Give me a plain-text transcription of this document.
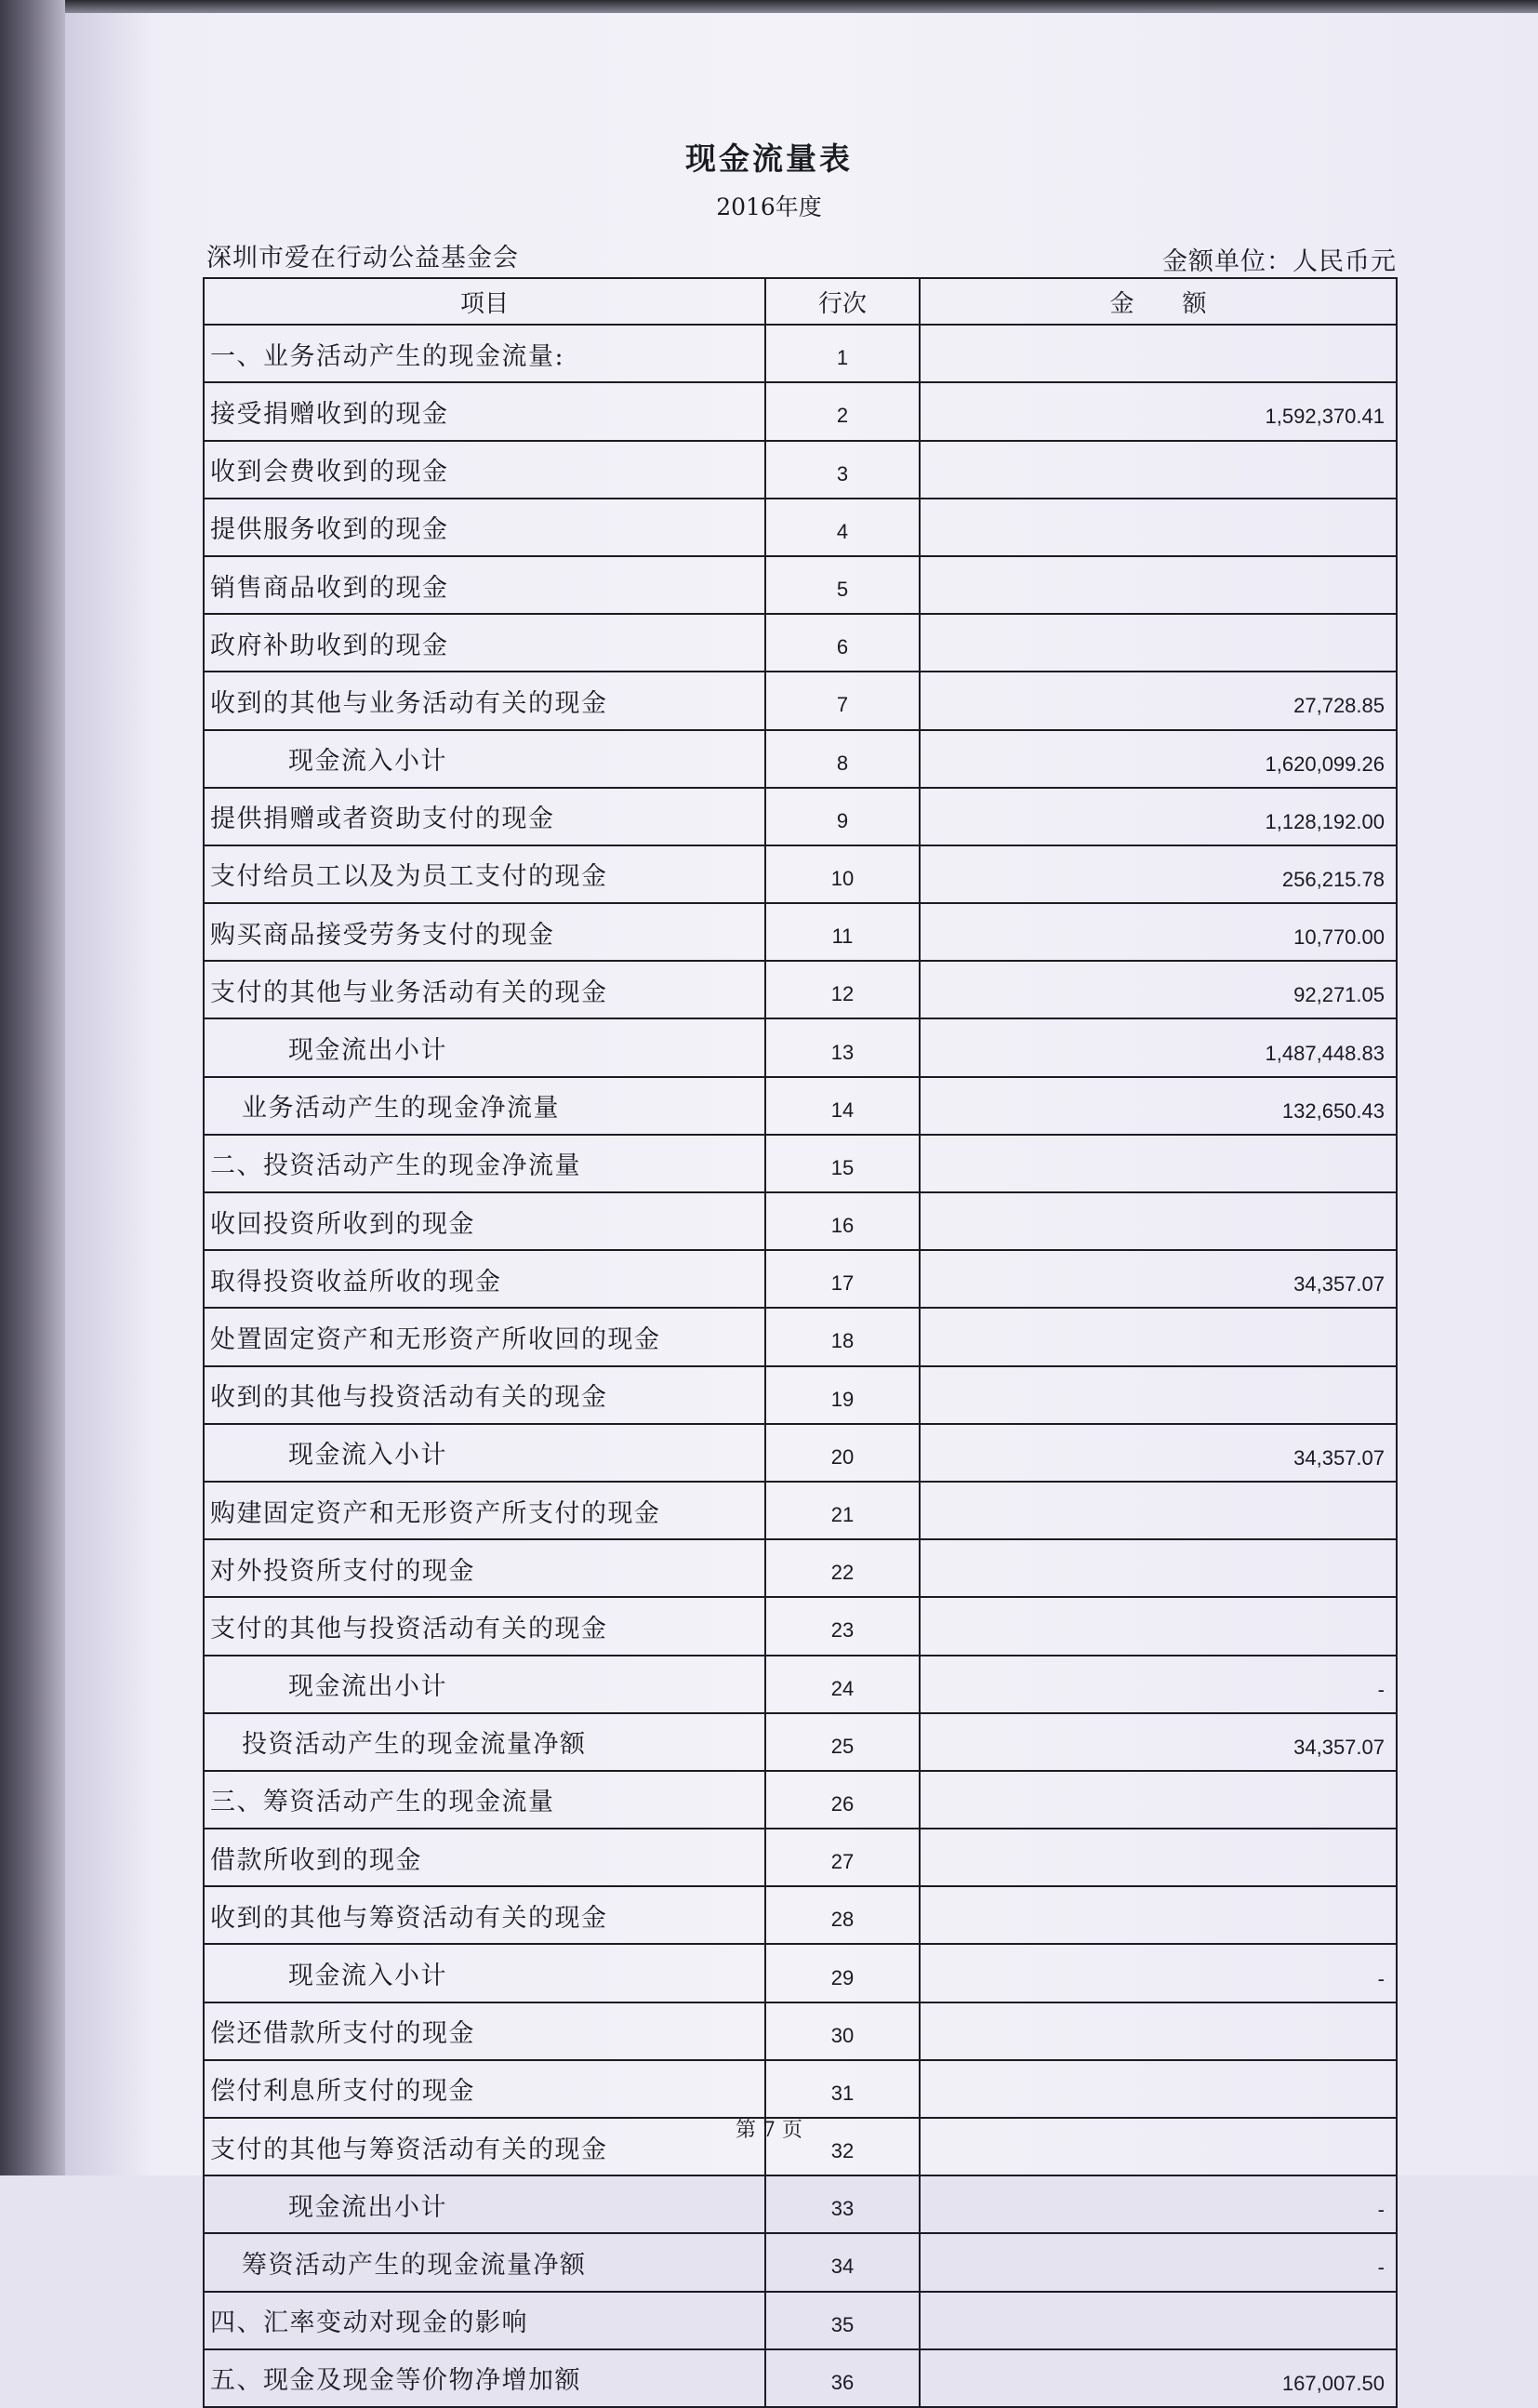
现金流量表
2016年度
深圳市爱在行动公益基金会	金额单位：人民币元
项目	行次	金　　额
一、业务活动产生的现金流量:	1	
接受捐赠收到的现金	2	1,592,370.41
收到会费收到的现金	3	
提供服务收到的现金	4	
销售商品收到的现金	5	
政府补助收到的现金	6	
收到的其他与业务活动有关的现金	7	27,728.85
现金流入小计	8	1,620,099.26
提供捐赠或者资助支付的现金	9	1,128,192.00
支付给员工以及为员工支付的现金	10	256,215.78
购买商品接受劳务支付的现金	11	10,770.00
支付的其他与业务活动有关的现金	12	92,271.05
现金流出小计	13	1,487,448.83
业务活动产生的现金净流量	14	132,650.43
二、投资活动产生的现金净流量	15	
收回投资所收到的现金	16	
取得投资收益所收的现金	17	34,357.07
处置固定资产和无形资产所收回的现金	18	
收到的其他与投资活动有关的现金	19	
现金流入小计	20	34,357.07
购建固定资产和无形资产所支付的现金	21	
对外投资所支付的现金	22	
支付的其他与投资活动有关的现金	23	
现金流出小计	24	-
投资活动产生的现金流量净额	25	34,357.07
三、筹资活动产生的现金流量	26	
借款所收到的现金	27	
收到的其他与筹资活动有关的现金	28	
现金流入小计	29	-
偿还借款所支付的现金	30	
偿付利息所支付的现金	31	
支付的其他与筹资活动有关的现金	32	
现金流出小计	33	-
筹资活动产生的现金流量净额	34	-
四、汇率变动对现金的影响	35	
五、现金及现金等价物净增加额	36	167,007.50
第 7 页
